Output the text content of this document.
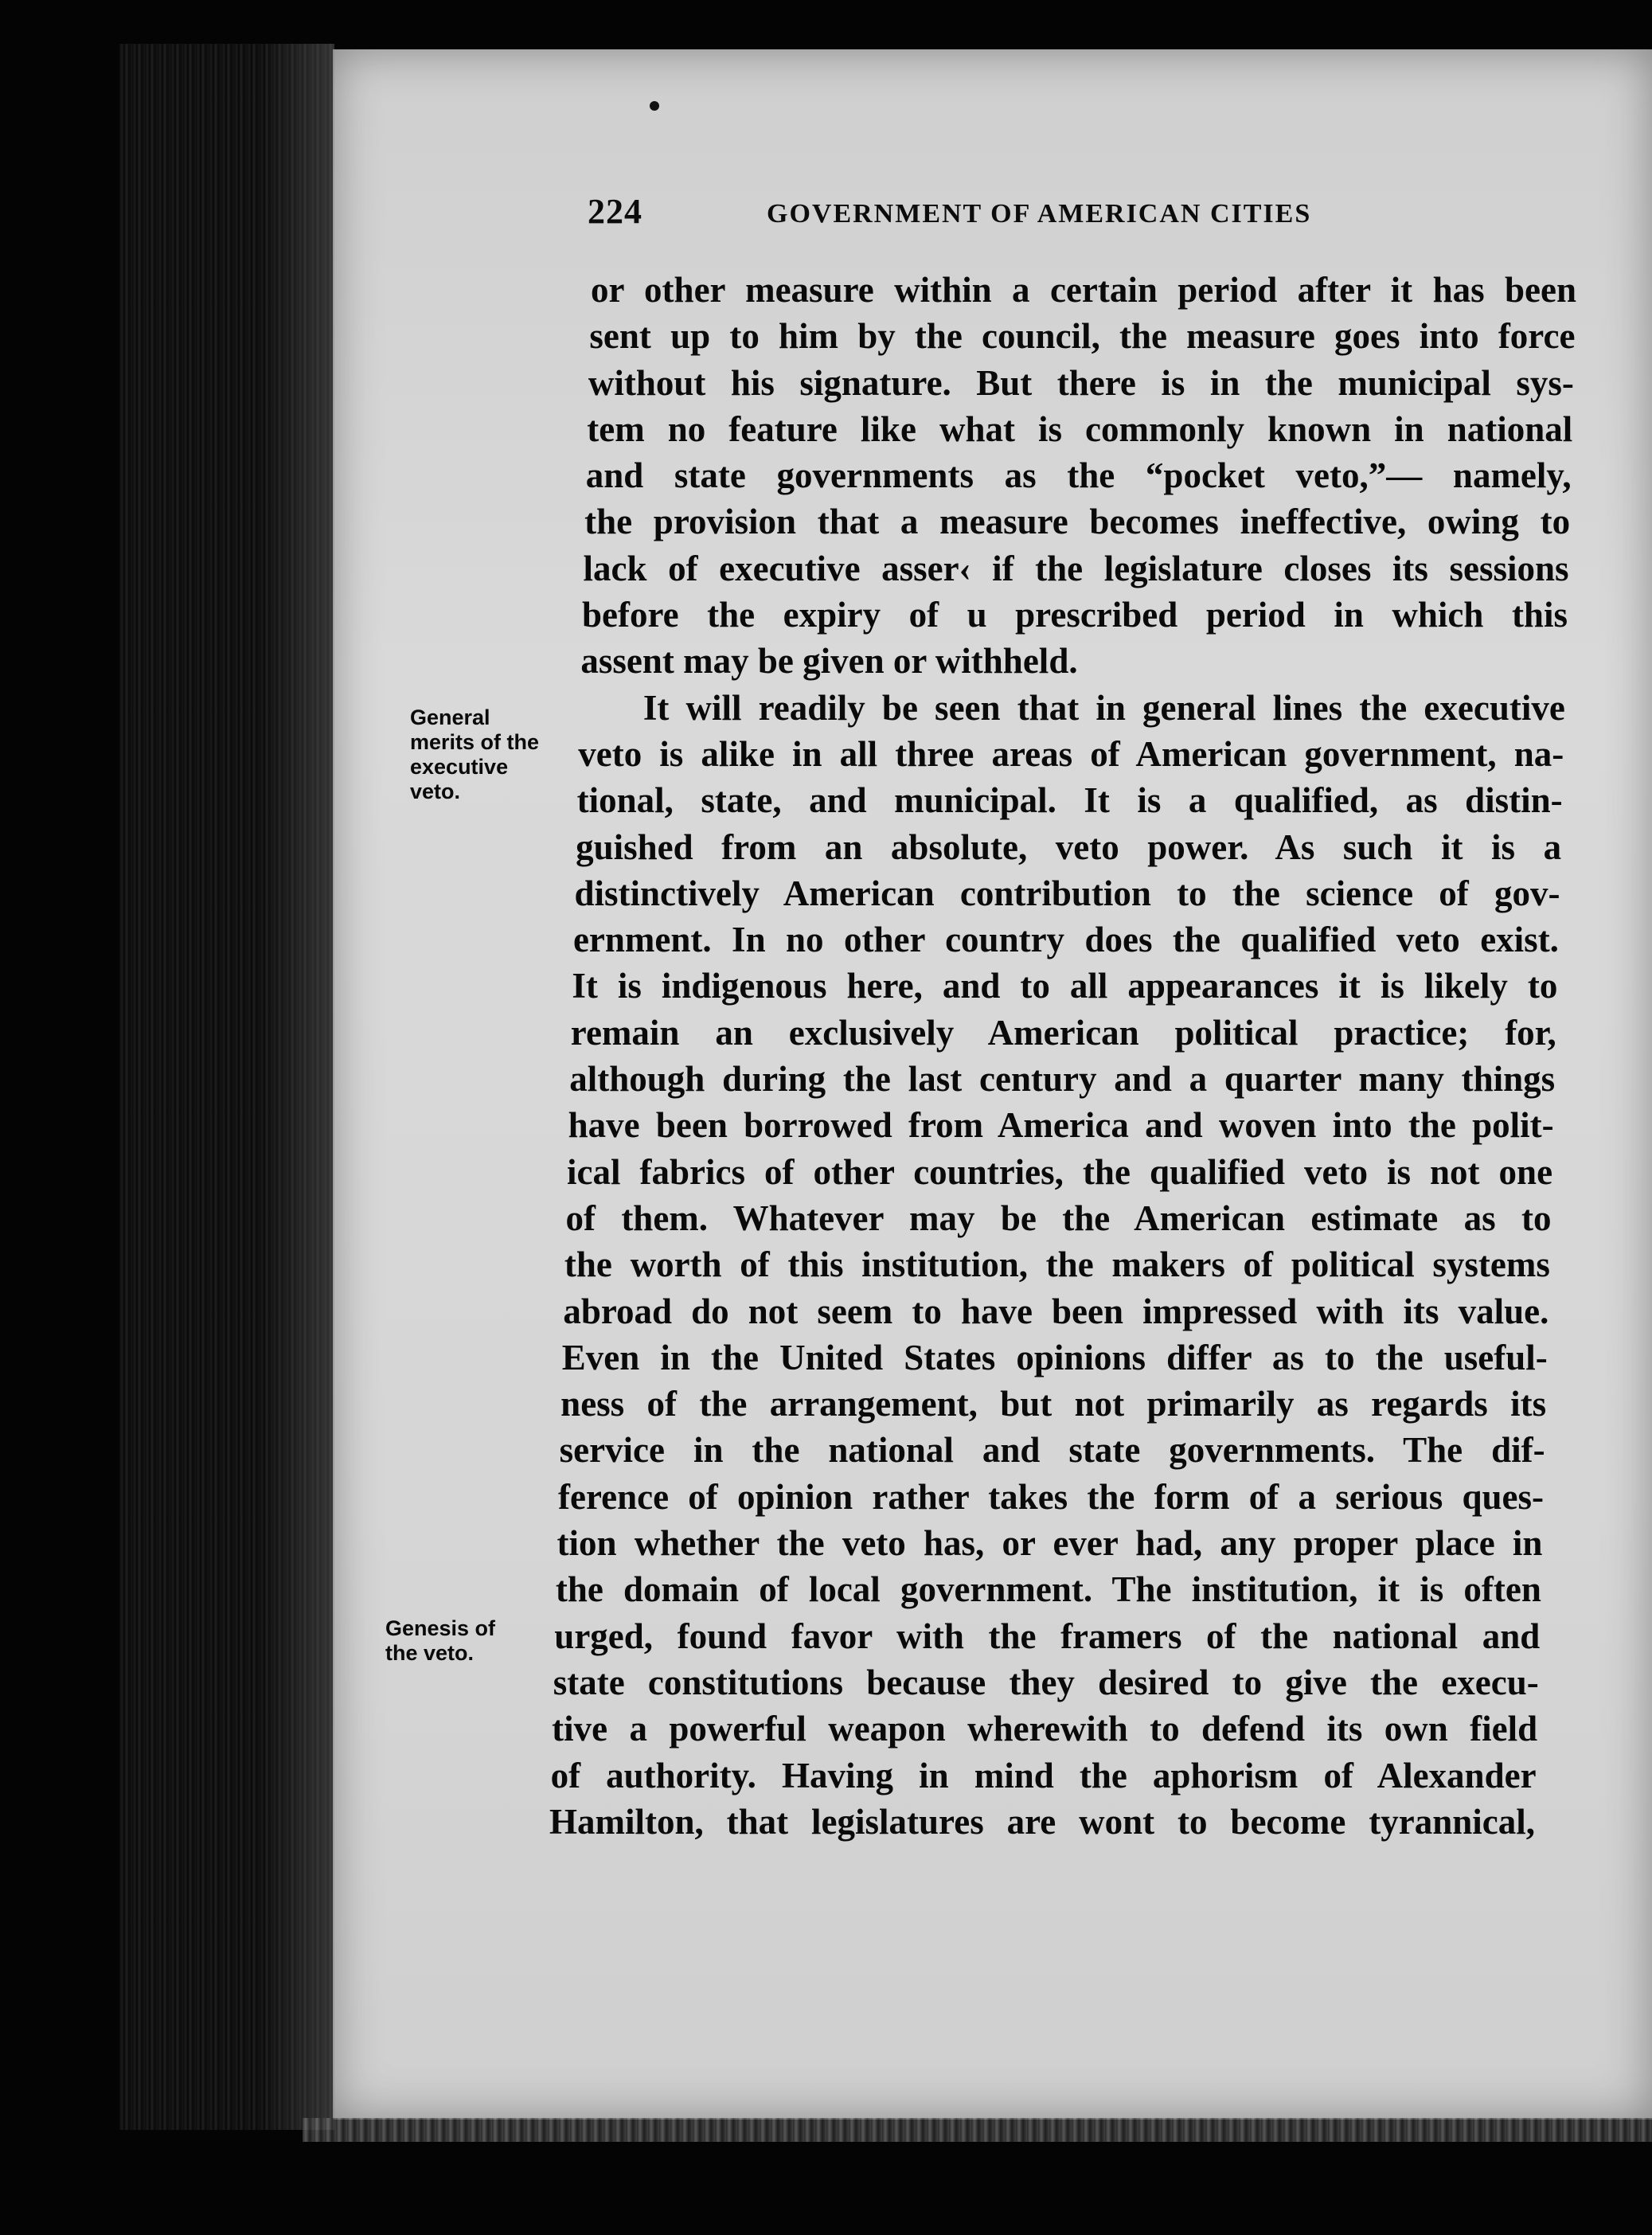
224	GOVERNMENT OF AMERICAN CITIES
General
merits of the
executive
veto.
Genesis of
the veto.
or other measure within a certain period after it has been
sent up to him by the council, the measure goes into force
without his signature. But there is in the municipal sys-
tem no feature like what is commonly known in national
and state governments as the “pocket veto,”— namely,
the provision that a measure becomes ineffective, owing to
lack of executive asser‹ if the legislature closes its sessions
before the expiry of u prescribed period in which this
assent may be given or withheld.
It will readily be seen that in general lines the executive
veto is alike in all three areas of American government, na-
tional, state, and municipal. It is a qualified, as distin-
guished from an absolute, veto power. As such it is a
distinctively American contribution to the science of gov-
ernment. In no other country does the qualified veto exist.
It is indigenous here, and to all appearances it is likely to
remain an exclusively American political practice; for,
although during the last century and a quarter many things
have been borrowed from America and woven into the polit-
ical fabrics of other countries, the qualified veto is not one
of them. Whatever may be the American estimate as to
the worth of this institution, the makers of political systems
abroad do not seem to have been impressed with its value.
Even in the United States opinions differ as to the useful-
ness of the arrangement, but not primarily as regards its
service in the national and state governments. The dif-
ference of opinion rather takes the form of a serious ques-
tion whether the veto has, or ever had, any proper place in
the domain of local government. The institution, it is often
urged, found favor with the framers of the national and
state constitutions because they desired to give the execu-
tive a powerful weapon wherewith to defend its own field
of authority. Having in mind the aphorism of Alexander
Hamilton, that legislatures are wont to become tyrannical,
